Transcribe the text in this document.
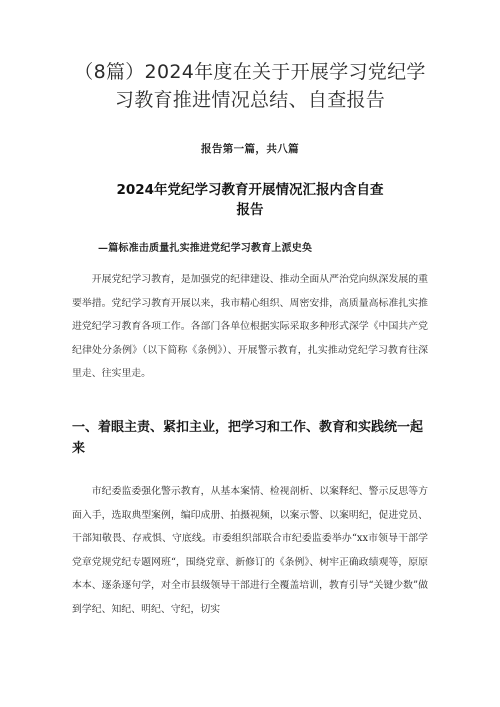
（8篇）2024年度在关于开展学习党纪学习教育推进情况总结、自查报告
报告第一篇，共八篇
2024年党纪学习教育开展情况汇报内含自查报告
—篇标准击质量扎实推进党纪学习教育上派史奂

开展党纪学习教育，是加强党的纪律建设、推动全面从严治党向纵深发展的重要举措。党纪学习教育开展以来，我市精心组织、周密安排，高质量高标准扎实推进党纪学习教育各项工作。各部门各单位根据实际采取多种形式深学《中国共产党纪律处分条例》（以下简称《条例》）、开展警示教育，扎实推动党纪学习教育往深里走、往实里走。

一、着眼主责、紧扣主业，把学习和工作、教育和实践统一起来

市纪委监委强化警示教育，从基本案情、检视剖析、以案释纪、警示反思等方面入手，选取典型案例，编印成册、拍摄视频，以案示警、以案明纪，促进党员、干部知敬畏、存戒惧、守底线。市委组织部联合市纪委监委举办“xx市领导干部学党章党规党纪专题网班“，围绕党章、新修订的《条例》、树牢正确政绩观等，原原本本、逐条逐句学，对全市县级领导干部进行全覆盖培训，教育引导“关键少数”做到学纪、知纪、明纪、守纪，切实
